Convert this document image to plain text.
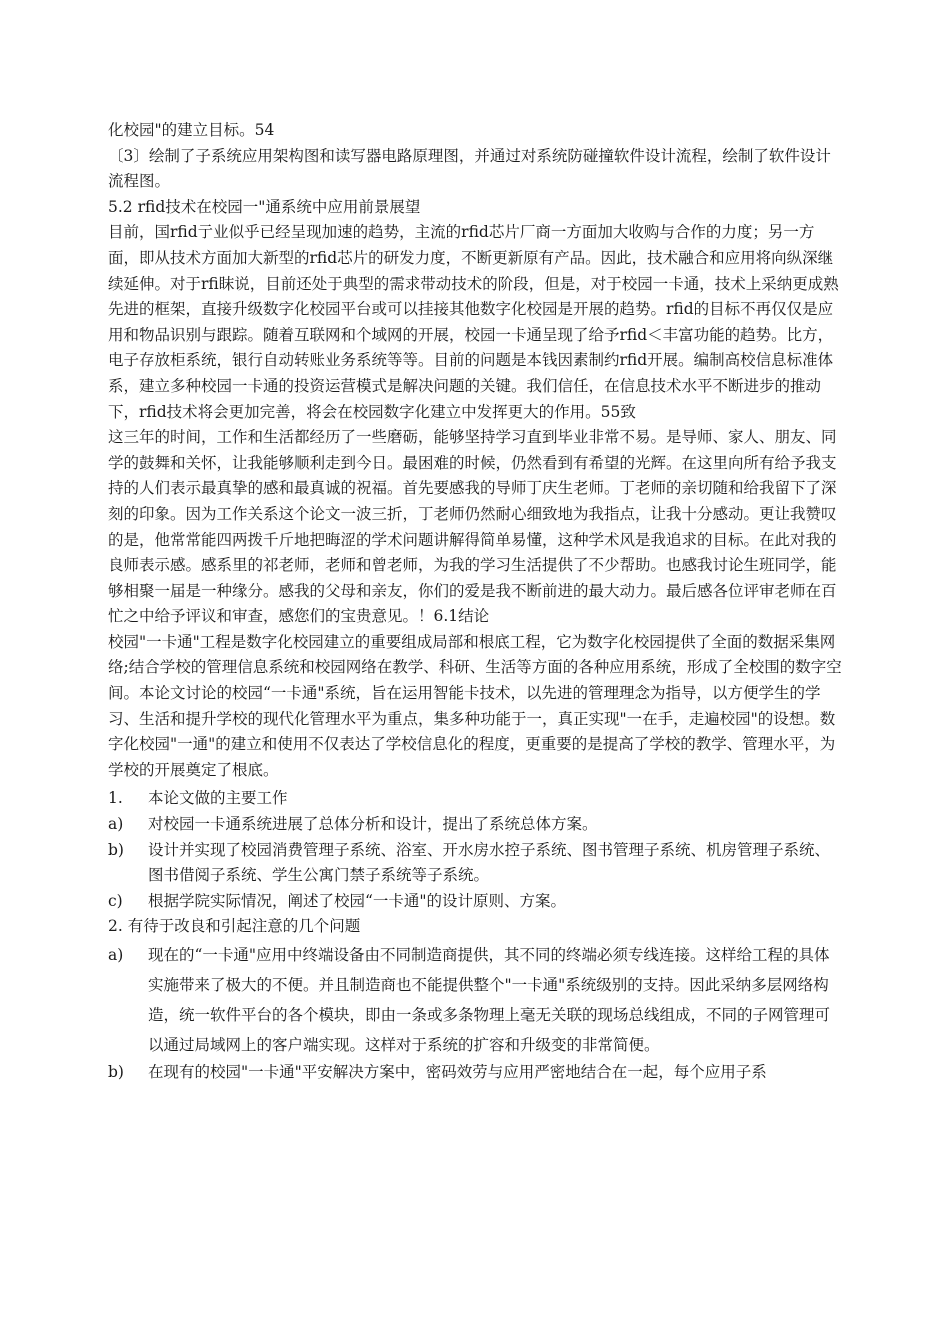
化校园"的建立目标。54

〔3〕绘制了子系统应用架构图和读写器电路原理图，并通过对系统防碰撞软件设计流程，绘制了软件设计流程图。

5.2 rfid技术在校园一"通系统中应用前景展望

目前，国rfid亍业似乎已经呈现加速的趋势，主流的rfid芯片厂商一方面加大收购与合作的力度；另一方面，即从技术方面加大新型的rfid芯片的研发力度，不断更新原有产品。因此，技术融合和应用将向纵深继续延伸。对于rfi眜说，目前还处于典型的需求带动技术的阶段，但是，对于校园一卡通，技术上采纳更成熟先进的框架，直接升级数字化校园平台或可以挂接其他数字化校园是开展的趋势。rfid的目标不再仅仅是应用和物品识别与跟踪。随着互联网和个域网的开展，校园一卡通呈现了给予rfid＜丰富功能的趋势。比方，电子存放柜系统，银行自动转账业务系统等等。目前的问题是本钱因素制约rfid开展。编制高校信息标准体系，建立多种校园一卡通的投资运营模式是解决问题的关键。我们信任，在信息技术水平不断进步的推动下，rfid技术将会更加完善，将会在校园数字化建立中发挥更大的作用。55致

这三年的时间，工作和生活都经历了一些磨砺，能够坚持学习直到毕业非常不易。是导师、家人、朋友、同学的鼓舞和关怀，让我能够顺利走到今日。最困难的时候，仍然看到有希望的光辉。在这里向所有给予我支持的人们表示最真挚的感和最真诚的祝福。首先要感我的导师丁庆生老师。丁老师的亲切随和给我留下了深刻的印象。因为工作关系这个论文一波三折，丁老师仍然耐心细致地为我指点，让我十分感动。更让我赞叹的是，他常常能四两拨千斤地把晦涩的学术问题讲解得简单易懂，这种学术风是我追求的目标。在此对我的良师表示感。感系里的祁老师，老师和曾老师，为我的学习生活提供了不少帮助。也感我讨论生班同学，能够相聚一届是一种缘分。感我的父母和亲友，你们的爱是我不断前进的最大动力。最后感各位评审老师在百忙之中给予评议和审查，感您们的宝贵意见。！6.1结论

校园"一卡通"工程是数字化校园建立的重要组成局部和根底工程，它为数字化校园提供了全面的数据采集网络;结合学校的管理信息系统和校园网络在教学、科研、生活等方面的各种应用系统，形成了全校围的数字空间。本论文讨论的校园“一卡通"系统，旨在运用智能卡技术，以先进的管理理念为指导，以方便学生的学习、生活和提升学校的现代化管理水平为重点，集多种功能于一，真正实现"一在手，走遍校园"的设想。数字化校园"一通"的建立和使用不仅表达了学校信息化的程度，更重要的是提高了学校的教学、管理水平，为学校的开展奠定了根底。

1. 本论文做的主要工作
a) 对校园一卡通系统进展了总体分析和设计，提出了系统总体方案。
b) 设计并实现了校园消费管理子系统、浴室、开水房水控子系统、图书管理子系统、机房管理子系统、图书借阅子系统、学生公寓门禁子系统等子系统。
c) 根据学院实际情况，阐述了校园“一卡通"的设计原则、方案。

2. 有待于改良和引起注意的几个问题

a) 现在的“一卡通"应用中终端设备由不同制造商提供，其不同的终端必须专线连接。这样给工程的具体实施带来了极大的不便。并且制造商也不能提供整个"一卡通"系统级别的支持。因此采纳多层网络构造，统一软件平台的各个模块，即由一条或多条物理上毫无关联的现场总线组成，不同的子网管理可以通过局域网上的客户端实现。这样对于系统的扩容和升级变的非常简便。
b) 在现有的校园"一卡通"平安解决方案中，密码效劳与应用严密地结合在一起，每个应用子系
